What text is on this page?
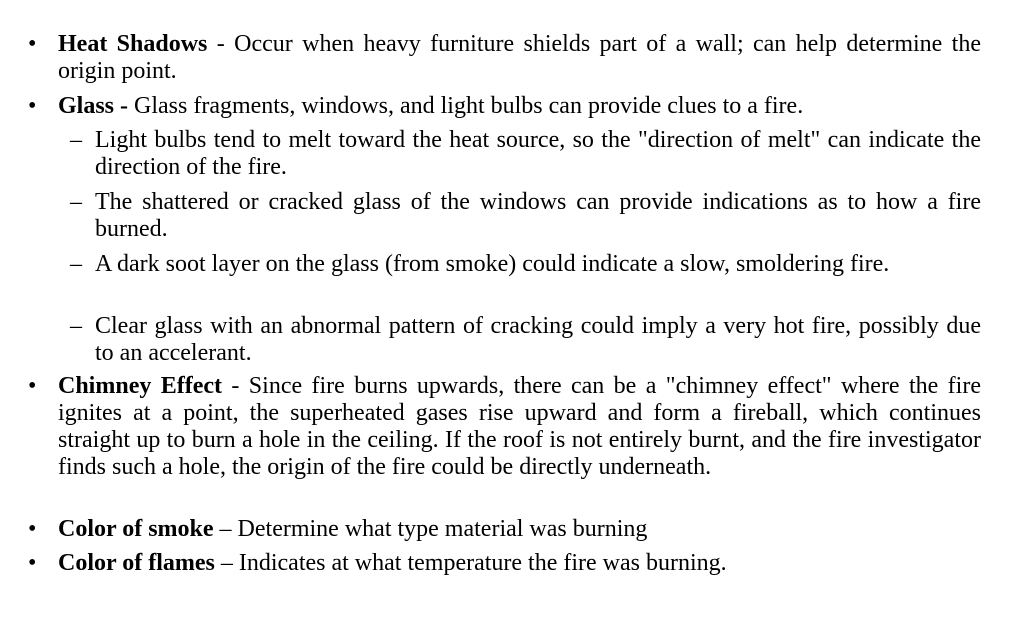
• Heat Shadows - Occur when heavy furniture shields part of a wall; can help determine the origin point.
• Glass - Glass fragments, windows, and light bulbs can provide clues to a fire.
– Light bulbs tend to melt toward the heat source, so the "direction of melt" can indicate the direction of the fire.
– The shattered or cracked glass of the windows can provide indications as to how a fire burned.
– A dark soot layer on the glass (from smoke) could indicate a slow, smoldering fire.
– Clear glass with an abnormal pattern of cracking could imply a very hot fire, possibly due to an accelerant.
• Chimney Effect - Since fire burns upwards, there can be a "chimney effect" where the fire ignites at a point, the superheated gases rise upward and form a fireball, which continues straight up to burn a hole in the ceiling. If the roof is not entirely burnt, and the fire investigator finds such a hole, the origin of the fire could be directly underneath.
• Color of smoke – Determine what type material was burning
• Color of flames – Indicates at what temperature the fire was burning.
